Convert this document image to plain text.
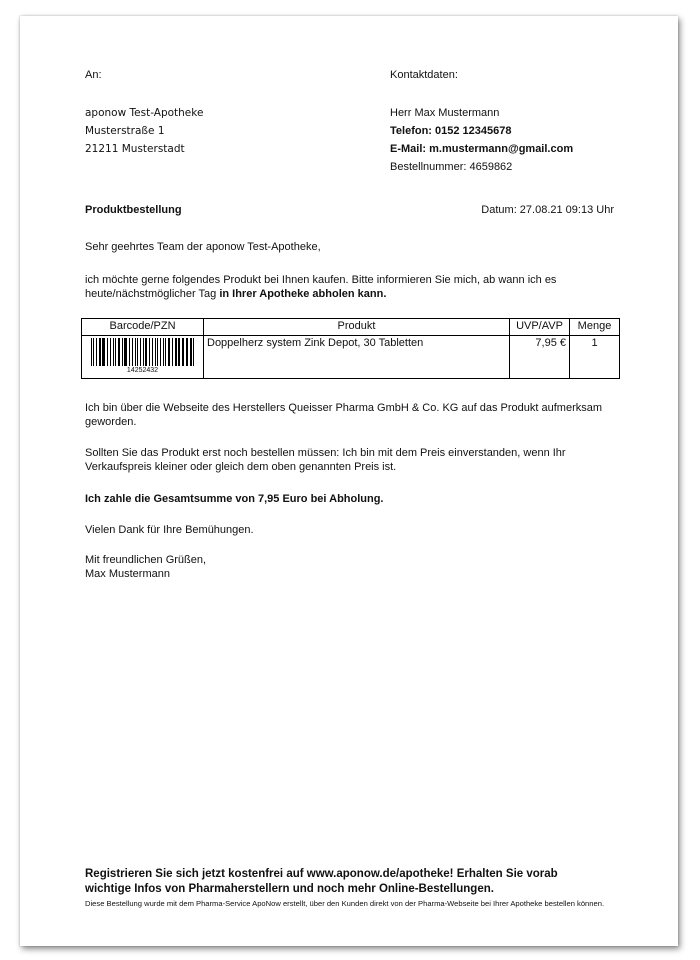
An:
aponow Test-Apotheke
Musterstraße 1
21211 Musterstadt
Kontaktdaten:
Herr Max Mustermann
Telefon: 0152 12345678
E-Mail: m.mustermann@gmail.com
Bestellnummer: 4659862
Produktbestellung	Datum: 27.08.21 09:13 Uhr

Sehr geehrtes Team der aponow Test-Apotheke,

ich möchte gerne folgendes Produkt bei Ihnen kaufen. Bitte informieren Sie mich, ab wann ich es heute/nächstmöglicher Tag in Ihrer Apotheke abholen kann.

Barcode/PZN	Produkt	UVP/AVP	Menge

14252432	Doppelherz system Zink Depot, 30 Tabletten	7,95 €	1

Ich bin über die Webseite des Herstellers Queisser Pharma GmbH & Co. KG auf das Produkt aufmerksam geworden.

Sollten Sie das Produkt erst noch bestellen müssen: Ich bin mit dem Preis einverstanden, wenn Ihr Verkaufspreis kleiner oder gleich dem oben genannten Preis ist.

Ich zahle die Gesamtsumme von 7,95 Euro bei Abholung.

Vielen Dank für Ihre Bemühungen.

Mit freundlichen Grüßen,

Max Mustermann

Registrieren Sie sich jetzt kostenfrei auf www.aponow.de/apotheke! Erhalten Sie vorab wichtige Infos von Pharmaherstellern und noch mehr Online-Bestellungen.
Diese Bestellung wurde mit dem Pharma-Service ApoNow erstellt, über den Kunden direkt von der Pharma-Webseite bei Ihrer Apotheke bestellen können.
